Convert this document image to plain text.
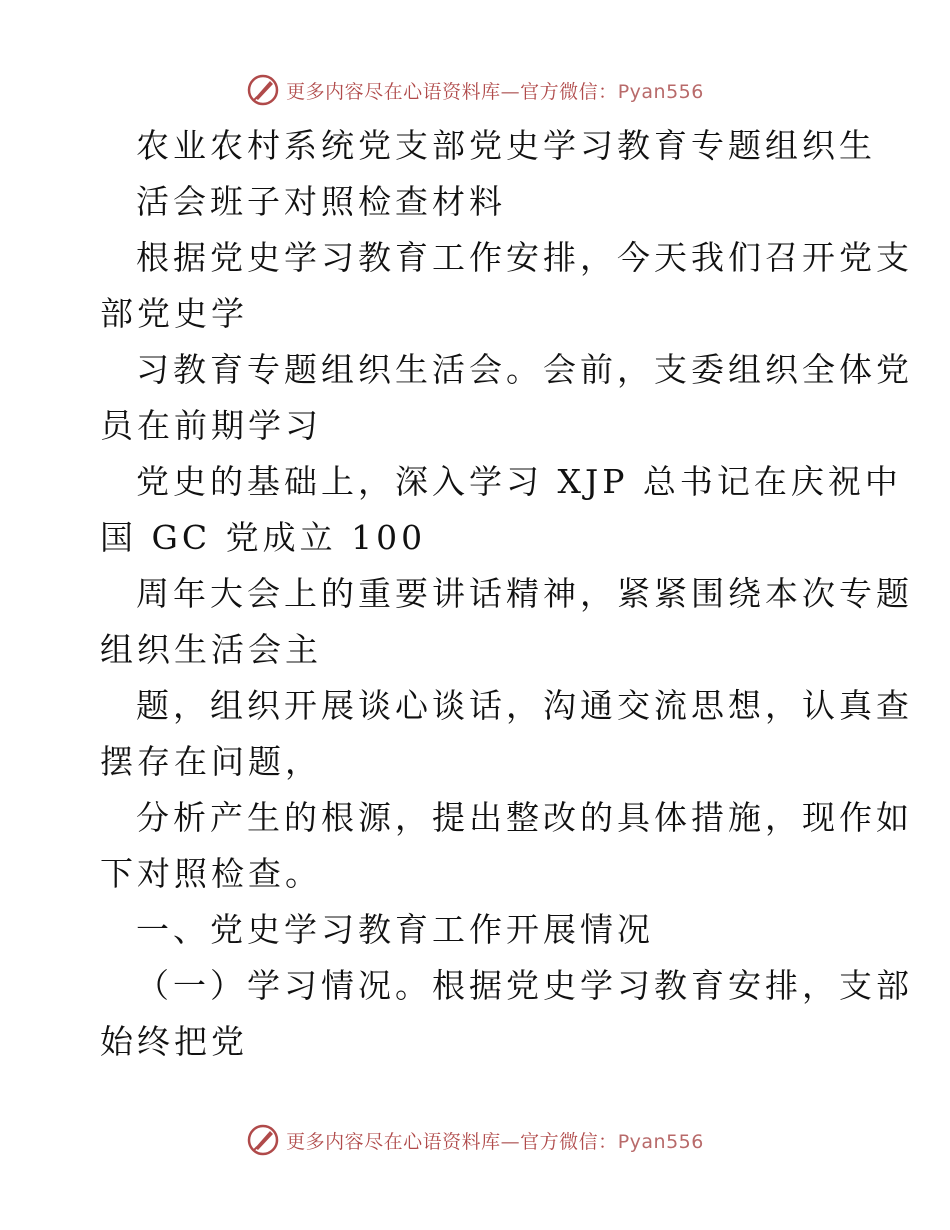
更多内容尽在心语资料库—官方微信：Pyan556
农业农村系统党支部党史学习教育专题组织生
活会班子对照检查材料
根据党史学习教育工作安排，今天我们召开党支
部党史学
习教育专题组织生活会。会前，支委组织全体党
员在前期学习
党史的基础上，深入学习 XJP 总书记在庆祝中
国 GC 党成立 100
周年大会上的重要讲话精神，紧紧围绕本次专题
组织生活会主
题，组织开展谈心谈话，沟通交流思想，认真查
摆存在问题，
分析产生的根源，提出整改的具体措施，现作如
下对照检查。
一、党史学习教育工作开展情况
（一）学习情况。根据党史学习教育安排，支部
始终把党
更多内容尽在心语资料库—官方微信：Pyan556
